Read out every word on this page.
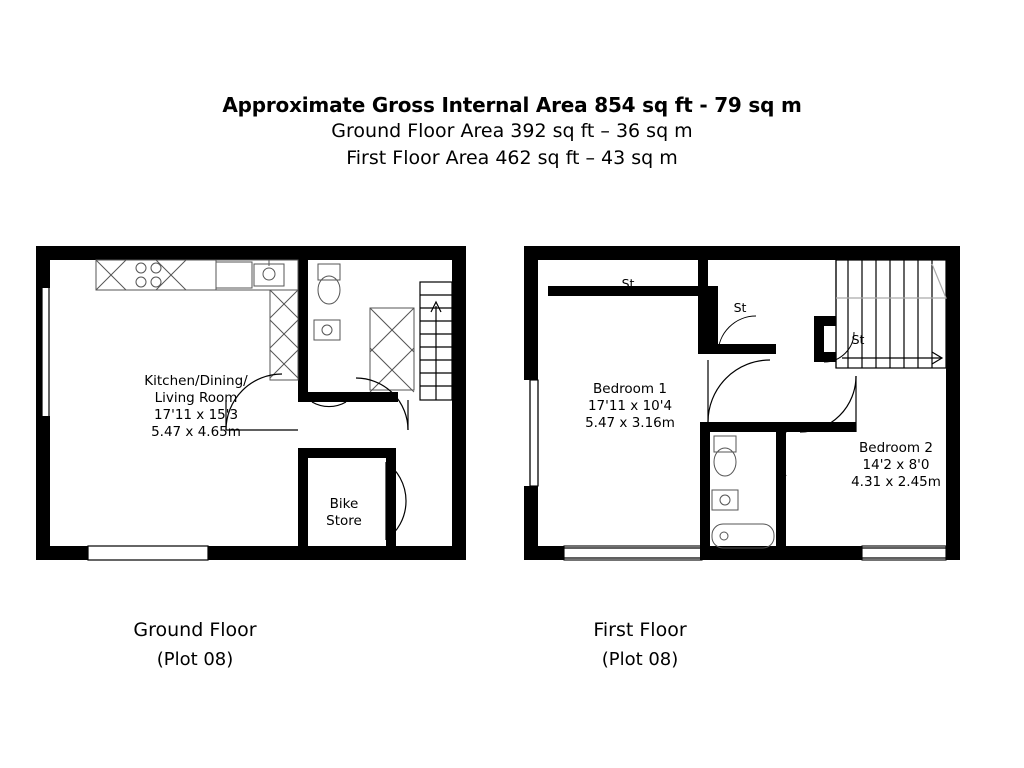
Approximate Gross Internal Area 854 sq ft - 79 sq m
Ground Floor Area 392 sq ft – 36 sq m
First Floor Area 462 sq ft – 43 sq m
Kitchen/Dining/
Living Room
17'11 x 15'3
5.47 x 4.65m
Bike
Store
St
St
St
Bedroom 1
17'11 x 10'4
5.47 x 3.16m
Bedroom 2
14'2 x 8'0
4.31 x 2.45m
Ground Floor
(Plot 08)
First Floor
(Plot 08)
